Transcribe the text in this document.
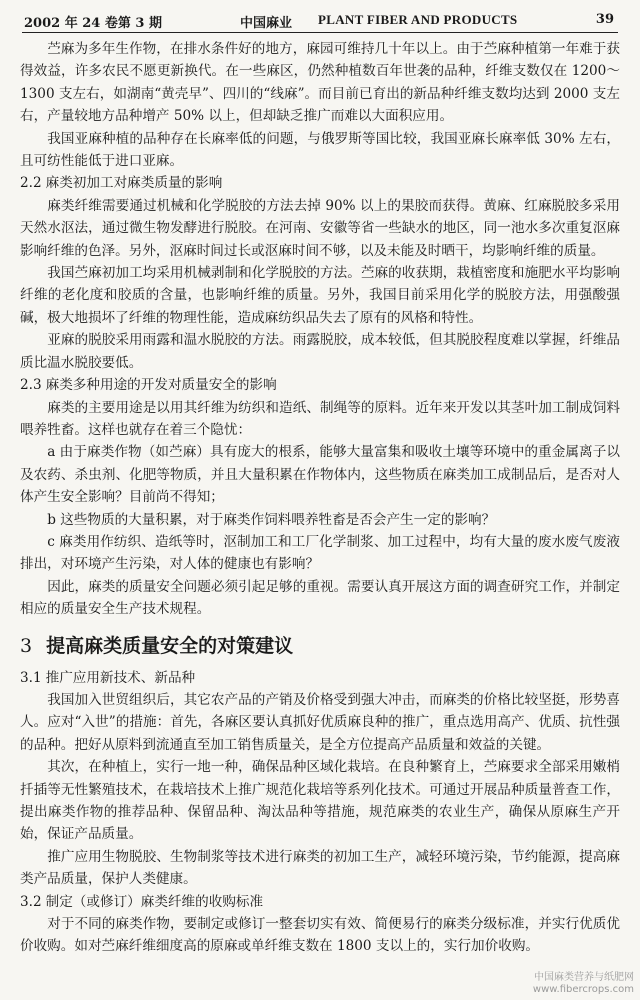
2002 年 24 卷第 3 期	中国麻业 PLANT FIBER AND PRODUCTS	39

苎麻为多年生作物，在排水条件好的地方，麻园可维持几十年以上。由于苎麻种植第一年难于获得效益，许多农民不愿更新换代。在一些麻区，仍然种植数百年世袭的品种，纤维支数仅在 1200～1300 支左右，如湖南“黄壳早”、四川的“线麻”。而目前已育出的新品种纤维支数均达到 2000 支左右，产量较地方品种增产 50% 以上，但却缺乏推广而难以大面积应用。

我国亚麻种植的品种存在长麻率低的问题，与俄罗斯等国比较，我国亚麻长麻率低 30% 左右，且可纺性能低于进口亚麻。

2.2 麻类初加工对麻类质量的影响

麻类纤维需要通过机械和化学脱胶的方法去掉 90% 以上的果胶而获得。黄麻、红麻脱胶多采用天然水沤法，通过微生物发酵进行脱胶。在河南、安徽等省一些缺水的地区，同一池水多次重复沤麻影响纤维的色泽。另外，沤麻时间过长或沤麻时间不够，以及未能及时晒干，均影响纤维的质量。

我国苎麻初加工均采用机械剥制和化学脱胶的方法。苎麻的收获期，栽植密度和施肥水平均影响纤维的老化度和胶质的含量，也影响纤维的质量。另外，我国目前采用化学的脱胶方法，用强酸强碱，极大地损坏了纤维的物理性能，造成麻纺织品失去了原有的风格和特性。

亚麻的脱胶采用雨露和温水脱胶的方法。雨露脱胶，成本较低，但其脱胶程度难以掌握，纤维品质比温水脱胶要低。

2.3 麻类多种用途的开发对质量安全的影响

麻类的主要用途是以用其纤维为纺织和造纸、制绳等的原料。近年来开发以其茎叶加工制成饲料喂养牲畜。这样也就存在着三个隐忧：

a 由于麻类作物（如苎麻）具有庞大的根系，能够大量富集和吸收土壤等环境中的重金属离子以及农药、杀虫剂、化肥等物质，并且大量积累在作物体内，这些物质在麻类加工成制品后，是否对人体产生安全影响？目前尚不得知；

b 这些物质的大量积累，对于麻类作饲料喂养牲畜是否会产生一定的影响？

c 麻类用作纺织、造纸等时，沤制加工和工厂化学制浆、加工过程中，均有大量的废水废气废液排出，对环境产生污染，对人体的健康也有影响？

因此，麻类的质量安全问题必须引起足够的重视。需要认真开展这方面的调查研究工作，并制定相应的质量安全生产技术规程。

3 提高麻类质量安全的对策建议
3.1 推广应用新技术、新品种

我国加入世贸组织后，其它农产品的产销及价格受到强大冲击，而麻类的价格比较坚挺，形势喜人。应对“入世”的措施：首先，各麻区要认真抓好优质麻良种的推广，重点选用高产、优质、抗性强的品种。把好从原料到流通直至加工销售质量关，是全方位提高产品质量和效益的关键。

其次，在种植上，实行一地一种，确保品种区域化栽培。在良种繁育上，苎麻要求全部采用嫩梢扦插等无性繁殖技术，在栽培技术上推广规范化栽培等系列化技术。可通过开展品种质量普查工作，提出麻类作物的推荐品种、保留品种、淘汰品种等措施，规范麻类的农业生产，确保从原麻生产开始，保证产品质量。

推广应用生物脱胶、生物制浆等技术进行麻类的初加工生产，减轻环境污染，节约能源，提高麻类产品质量，保护人类健康。

3.2 制定（或修订）麻类纤维的收购标准

对于不同的麻类作物，要制定或修订一整套切实有效、简便易行的麻类分级标准，并实行优质优价收购。如对苎麻纤维细度高的原麻或单纤维支数在 1800 支以上的，实行加价收购。

中国麻类营养与纸肥网
www.fibercrops.com
